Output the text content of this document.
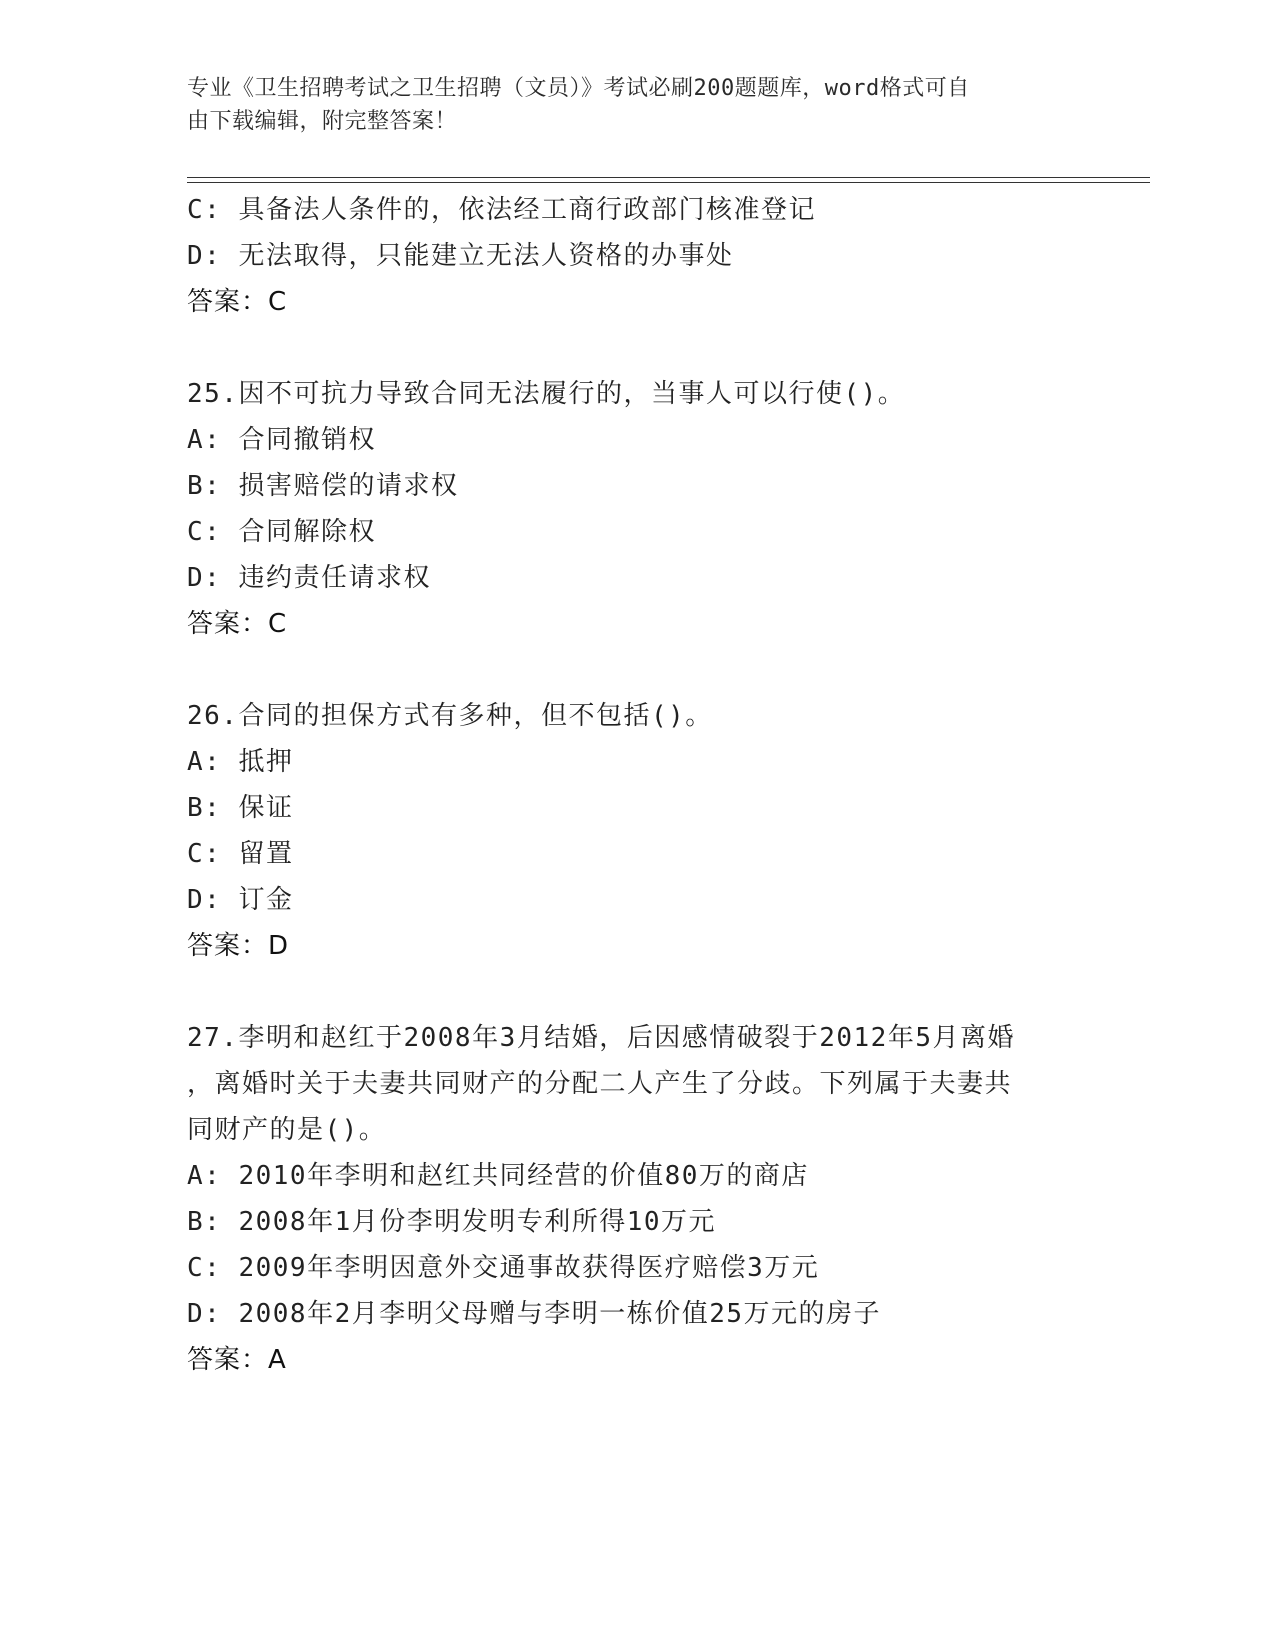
专业《卫生招聘考试之卫生招聘（文员）》考试必刷200题题库，word格式可自
由下载编辑，附完整答案！
C: 具备法人条件的，依法经工商行政部门核准登记
D: 无法取得，只能建立无法人资格的办事处
答案：C
25.因不可抗力导致合同无法履行的，当事人可以行使()。
A: 合同撤销权
B: 损害赔偿的请求权
C: 合同解除权
D: 违约责任请求权
答案：C
26.合同的担保方式有多种，但不包括()。
A: 抵押
B: 保证
C: 留置
D: 订金
答案：D
27.李明和赵红于2008年3月结婚，后因感情破裂于2012年5月离婚
，离婚时关于夫妻共同财产的分配二人产生了分歧。下列属于夫妻共
同财产的是()。
A: 2010年李明和赵红共同经营的价值80万的商店
B: 2008年1月份李明发明专利所得10万元
C: 2009年李明因意外交通事故获得医疗赔偿3万元
D: 2008年2月李明父母赠与李明一栋价值25万元的房子
答案：A
